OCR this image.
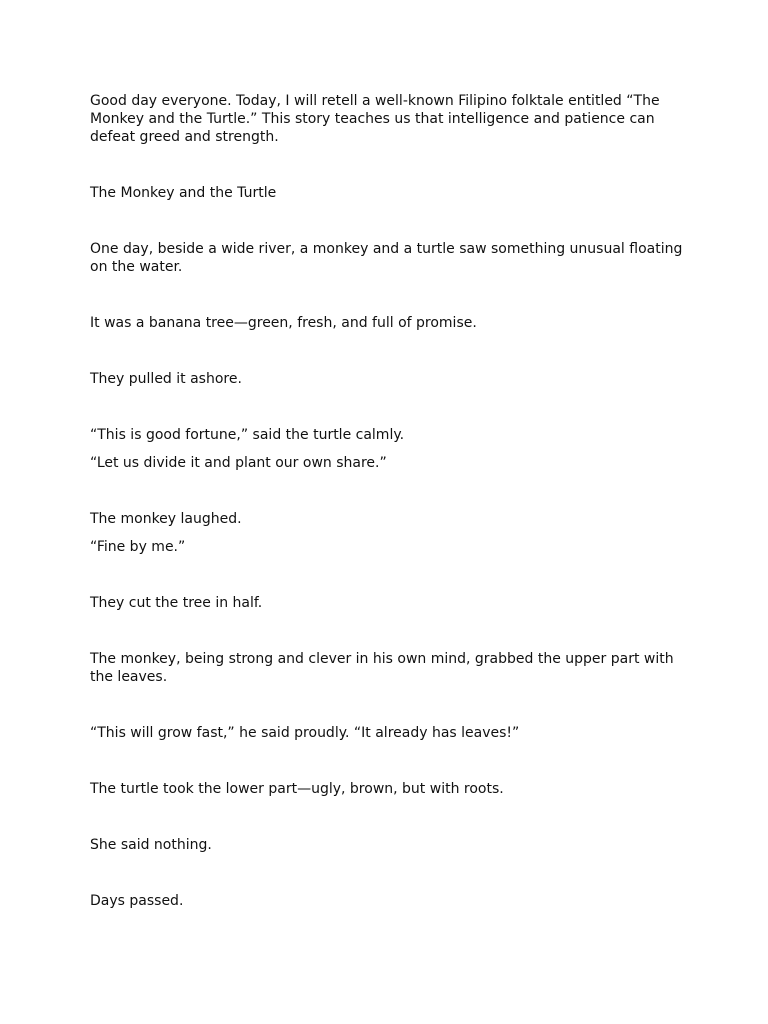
Good day everyone. Today, I will retell a well-known Filipino folktale entitled “The Monkey and the Turtle.” This story teaches us that intelligence and patience can defeat greed and strength.

The Monkey and the Turtle

One day, beside a wide river, a monkey and a turtle saw something unusual floating on the water.

It was a banana tree—green, fresh, and full of promise.

They pulled it ashore.

“This is good fortune,” said the turtle calmly.

“Let us divide it and plant our own share.”

The monkey laughed.

“Fine by me.”

They cut the tree in half.

The monkey, being strong and clever in his own mind, grabbed the upper part with the leaves.

“This will grow fast,” he said proudly. “It already has leaves!”

The turtle took the lower part—ugly, brown, but with roots.

She said nothing.

Days passed.
